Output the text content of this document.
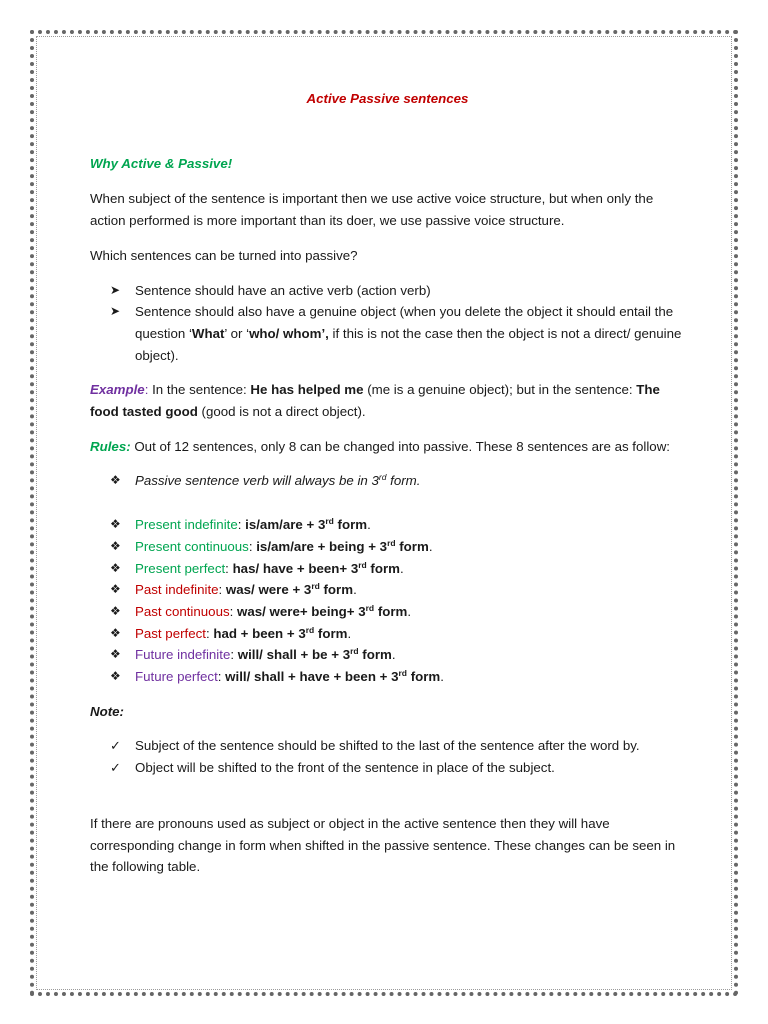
Active Passive sentences
Why Active & Passive!

When subject of the sentence is important then we use active voice structure, but when only the action performed is more important than its doer, we use passive voice structure.

Which sentences can be turned into passive?

➤	Sentence should have an active verb (action verb)
➤	Sentence should also have a genuine object (when you delete the object it should entail the question ‘What’ or ‘who/ whom’, if this is not the case then the object is not a direct/ genuine object).

Example: In the sentence: He has helped me (me is a genuine object); but in the sentence: The food tasted good (good is not a direct object).

Rules: Out of 12 sentences, only 8 can be changed into passive. These 8 sentences are as follow:

❖	Passive sentence verb will always be in 3rd form.
❖	Present indefinite: is/am/are + 3rd form.
❖	Present continuous: is/am/are + being + 3rd form.
❖	Present perfect: has/ have + been+ 3rd form.
❖	Past indefinite: was/ were + 3rd form.
❖	Past continuous: was/ were+ being+ 3rd form.
❖	Past perfect: had + been + 3rd form.
❖	Future indefinite: will/ shall + be + 3rd form.
❖	Future perfect: will/ shall + have + been + 3rd form.
Note:
✓	Subject of the sentence should be shifted to the last of the sentence after the word by.
✓	Object will be shifted to the front of the sentence in place of the subject.

If there are pronouns used as subject or object in the active sentence then they will have corresponding change in form when shifted in the passive sentence. These changes can be seen in the following table.
